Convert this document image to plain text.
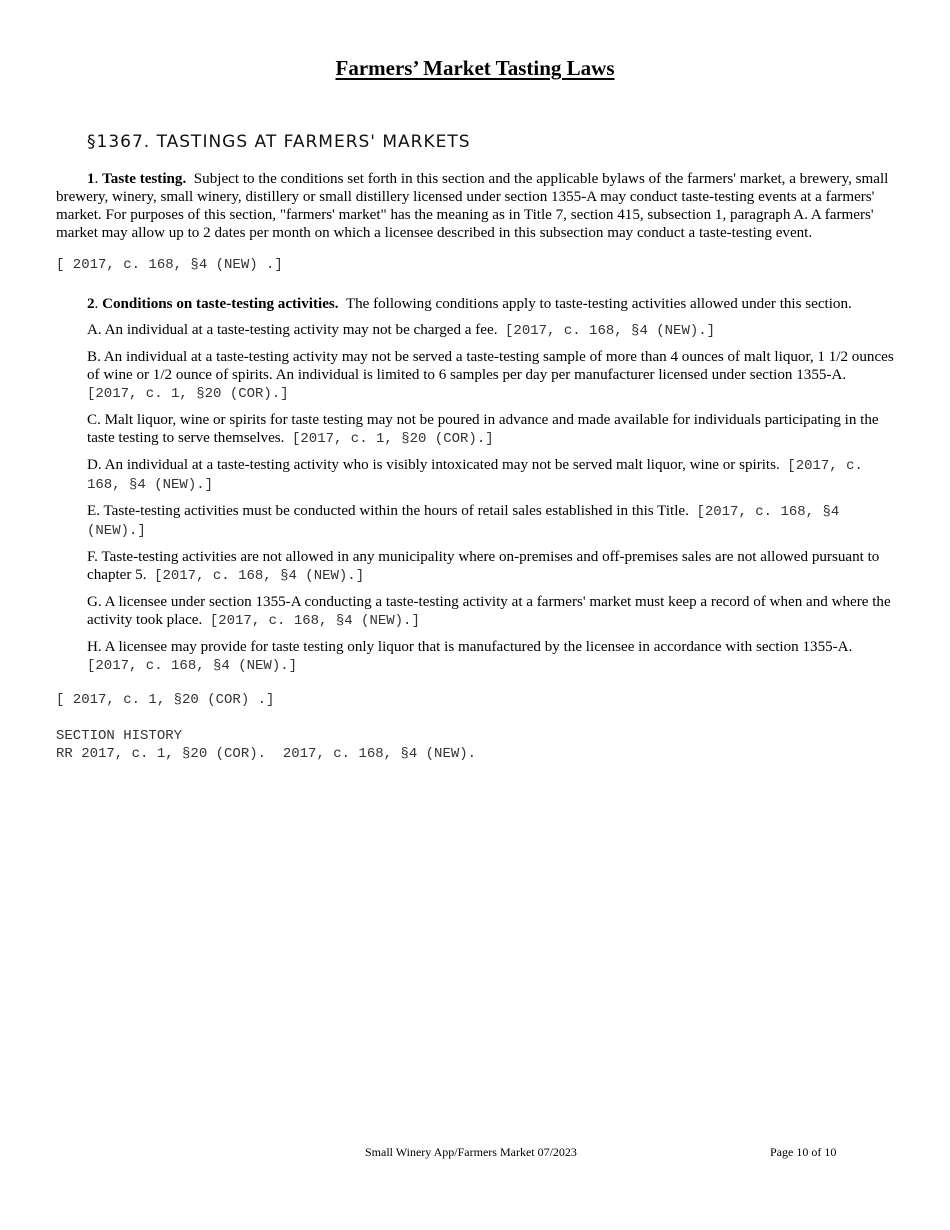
Farmers’ Market Tasting Laws
§1367. TASTINGS AT FARMERS' MARKETS

1. Taste testing. Subject to the conditions set forth in this section and the applicable bylaws of the farmers' market, a brewery, small brewery, winery, small winery, distillery or small distillery licensed under section 1355-A may conduct taste-testing events at a farmers' market. For purposes of this section, "farmers' market" has the meaning as in Title 7, section 415, subsection 1, paragraph A. A farmers' market may allow up to 2 dates per month on which a licensee described in this subsection may conduct a taste-testing event.

[ 2017, c. 168, §4 (NEW) .]

2. Conditions on taste-testing activities. The following conditions apply to taste-testing activities allowed under this section.

A. An individual at a taste-testing activity may not be charged a fee. [2017, c. 168, §4 (NEW).]

B. An individual at a taste-testing activity may not be served a taste-testing sample of more than 4 ounces of malt liquor, 1 1/2 ounces of wine or 1/2 ounce of spirits. An individual is limited to 6 samples per day per manufacturer licensed under section 1355-A. [2017, c. 1, §20 (COR).]

C. Malt liquor, wine or spirits for taste testing may not be poured in advance and made available for individuals participating in the taste testing to serve themselves. [2017, c. 1, §20 (COR).]

D. An individual at a taste-testing activity who is visibly intoxicated may not be served malt liquor, wine or spirits. [2017, c. 168, §4 (NEW).]

E. Taste-testing activities must be conducted within the hours of retail sales established in this Title. [2017, c. 168, §4 (NEW).]

F. Taste-testing activities are not allowed in any municipality where on-premises and off-premises sales are not allowed pursuant to chapter 5. [2017, c. 168, §4 (NEW).]

G. A licensee under section 1355-A conducting a taste-testing activity at a farmers' market must keep a record of when and where the activity took place. [2017, c. 168, §4 (NEW).]

H. A licensee may provide for taste testing only liquor that is manufactured by the licensee in accordance with section 1355-A. [2017, c. 168, §4 (NEW).]

[ 2017, c. 1, §20 (COR) .]

SECTION HISTORY
RR 2017, c. 1, §20 (COR).  2017, c. 168, §4 (NEW).
Small Winery App/Farmers Market 07/2023	Page 10 of 10
